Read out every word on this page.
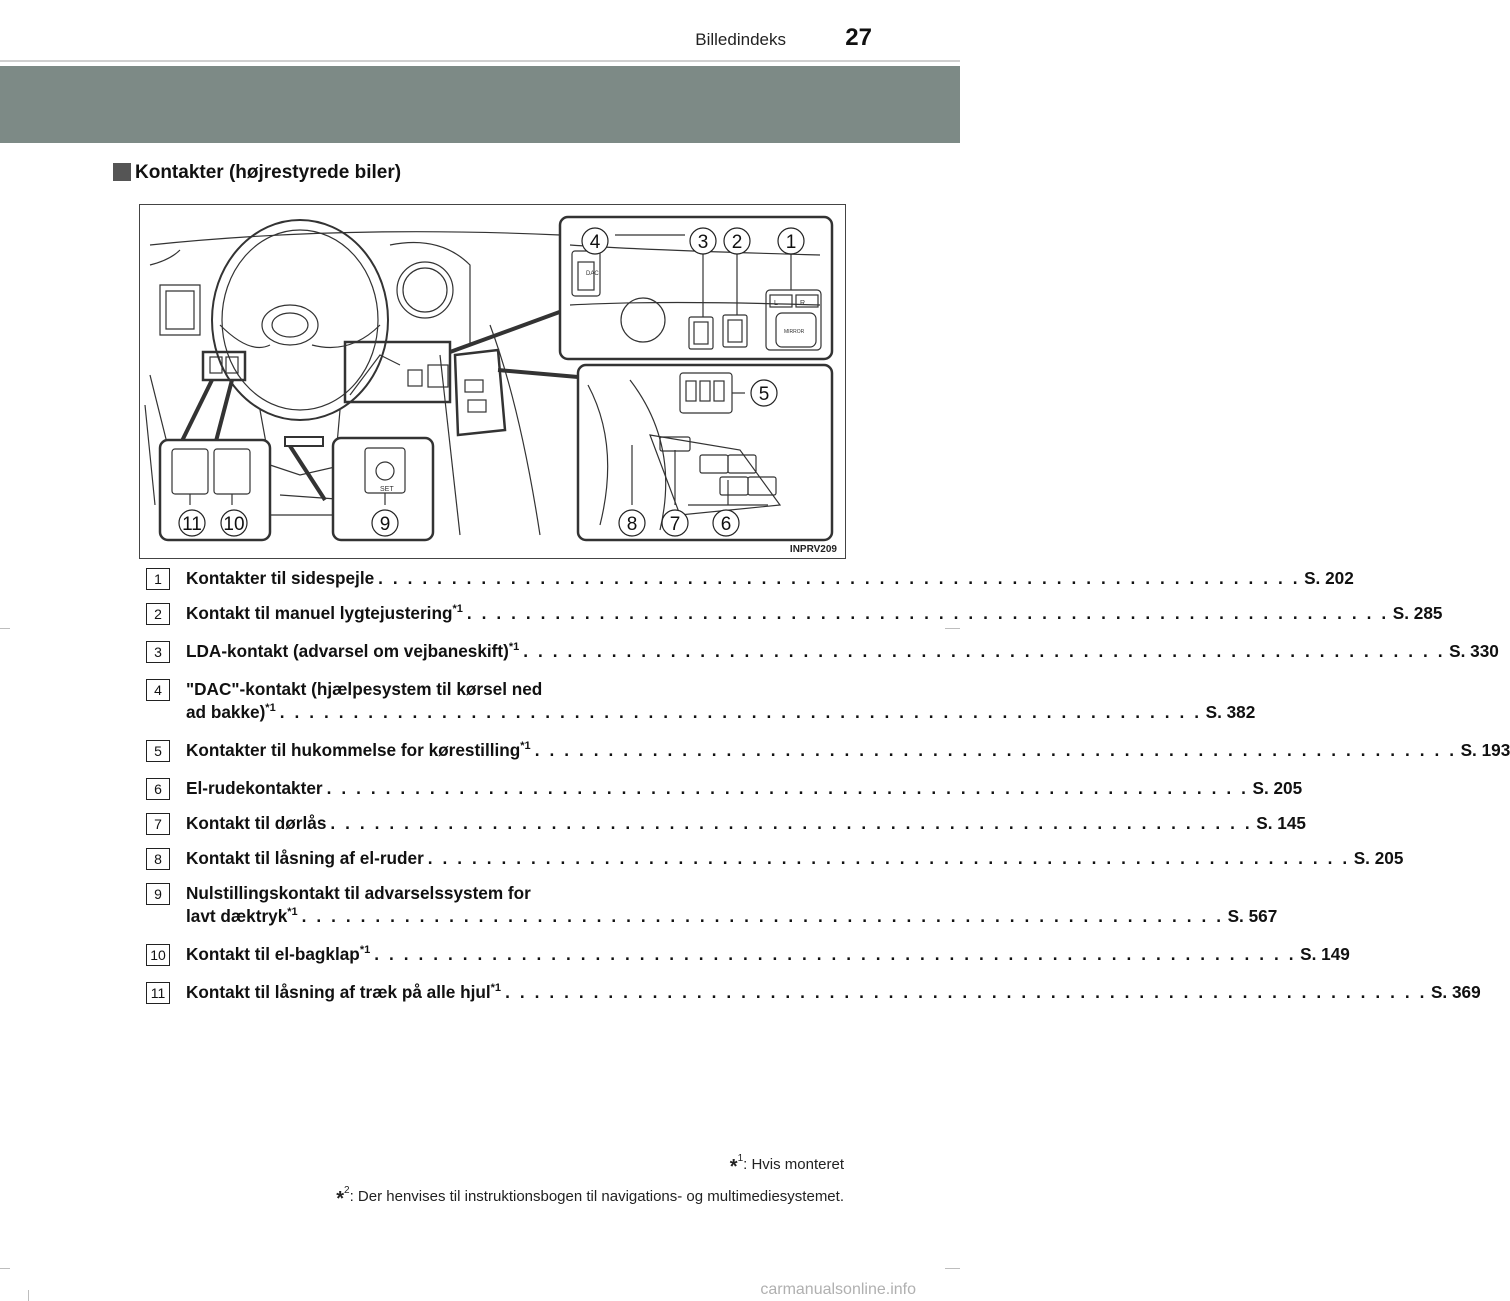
Billedindeks 27
Kontakter (højrestyrede biler)
DAC
L	R
MIRROR
SET
4	3 2 1
5
11 10	9	8 7 6
INPRV209
1	Kontakter til sidespejle . . . . . . . . . . . . . . . . . . . . . . . . . . . . . . . . . . . . . . . . . . . . . . . . . . . . . . . . . . . . . . . S. 202
2	Kontakt til manuel lygtejustering *1 . . . . . . . . . . . . . . . . . . . . . . . . . . . . . . . . . . . . . . . . . . . . . . . . . . . . . . . . . . . . . . . S. 285
3	LDA-kontakt (advarsel om vejbaneskift) *1 . . . . . . . . . . . . . . . . . . . . . . . . . . . . . . . . . . . . . . . . . . . . . . . . . . . . . . . . . . . . . . . S. 330
4	"DAC"-kontakt (hjælpesystem til kørsel ned
ad bakke) *1 . . . . . . . . . . . . . . . . . . . . . . . . . . . . . . . . . . . . . . . . . . . . . . . . . . . . . . . . . . . . . . . S. 382
5	Kontakter til hukommelse for kørestilling *1 . . . . . . . . . . . . . . . . . . . . . . . . . . . . . . . . . . . . . . . . . . . . . . . . . . . . . . . . . . . . . . . S. 193
6	El-rudekontakter . . . . . . . . . . . . . . . . . . . . . . . . . . . . . . . . . . . . . . . . . . . . . . . . . . . . . . . . . . . . . . . S. 205
7	Kontakt til dørlås . . . . . . . . . . . . . . . . . . . . . . . . . . . . . . . . . . . . . . . . . . . . . . . . . . . . . . . . . . . . . . . S. 145
8	Kontakt til låsning af el-ruder . . . . . . . . . . . . . . . . . . . . . . . . . . . . . . . . . . . . . . . . . . . . . . . . . . . . . . . . . . . . . . . S. 205
9	Nulstillingskontakt til advarselssystem for
lavt dæktryk *1 . . . . . . . . . . . . . . . . . . . . . . . . . . . . . . . . . . . . . . . . . . . . . . . . . . . . . . . . . . . . . . . S. 567
10 Kontakt til el-bagklap *1 . . . . . . . . . . . . . . . . . . . . . . . . . . . . . . . . . . . . . . . . . . . . . . . . . . . . . . . . . . . . . . . S. 149
11 Kontakt til låsning af træk på alle hjul *1 . . . . . . . . . . . . . . . . . . . . . . . . . . . . . . . . . . . . . . . . . . . . . . . . . . . . . . . . . . . . . . . S. 369
*$^1$: Hvis monteret
*$^2$: Der henvises til instruktionsbogen til navigations- og multimediesystemet.
carmanualsonline.info
